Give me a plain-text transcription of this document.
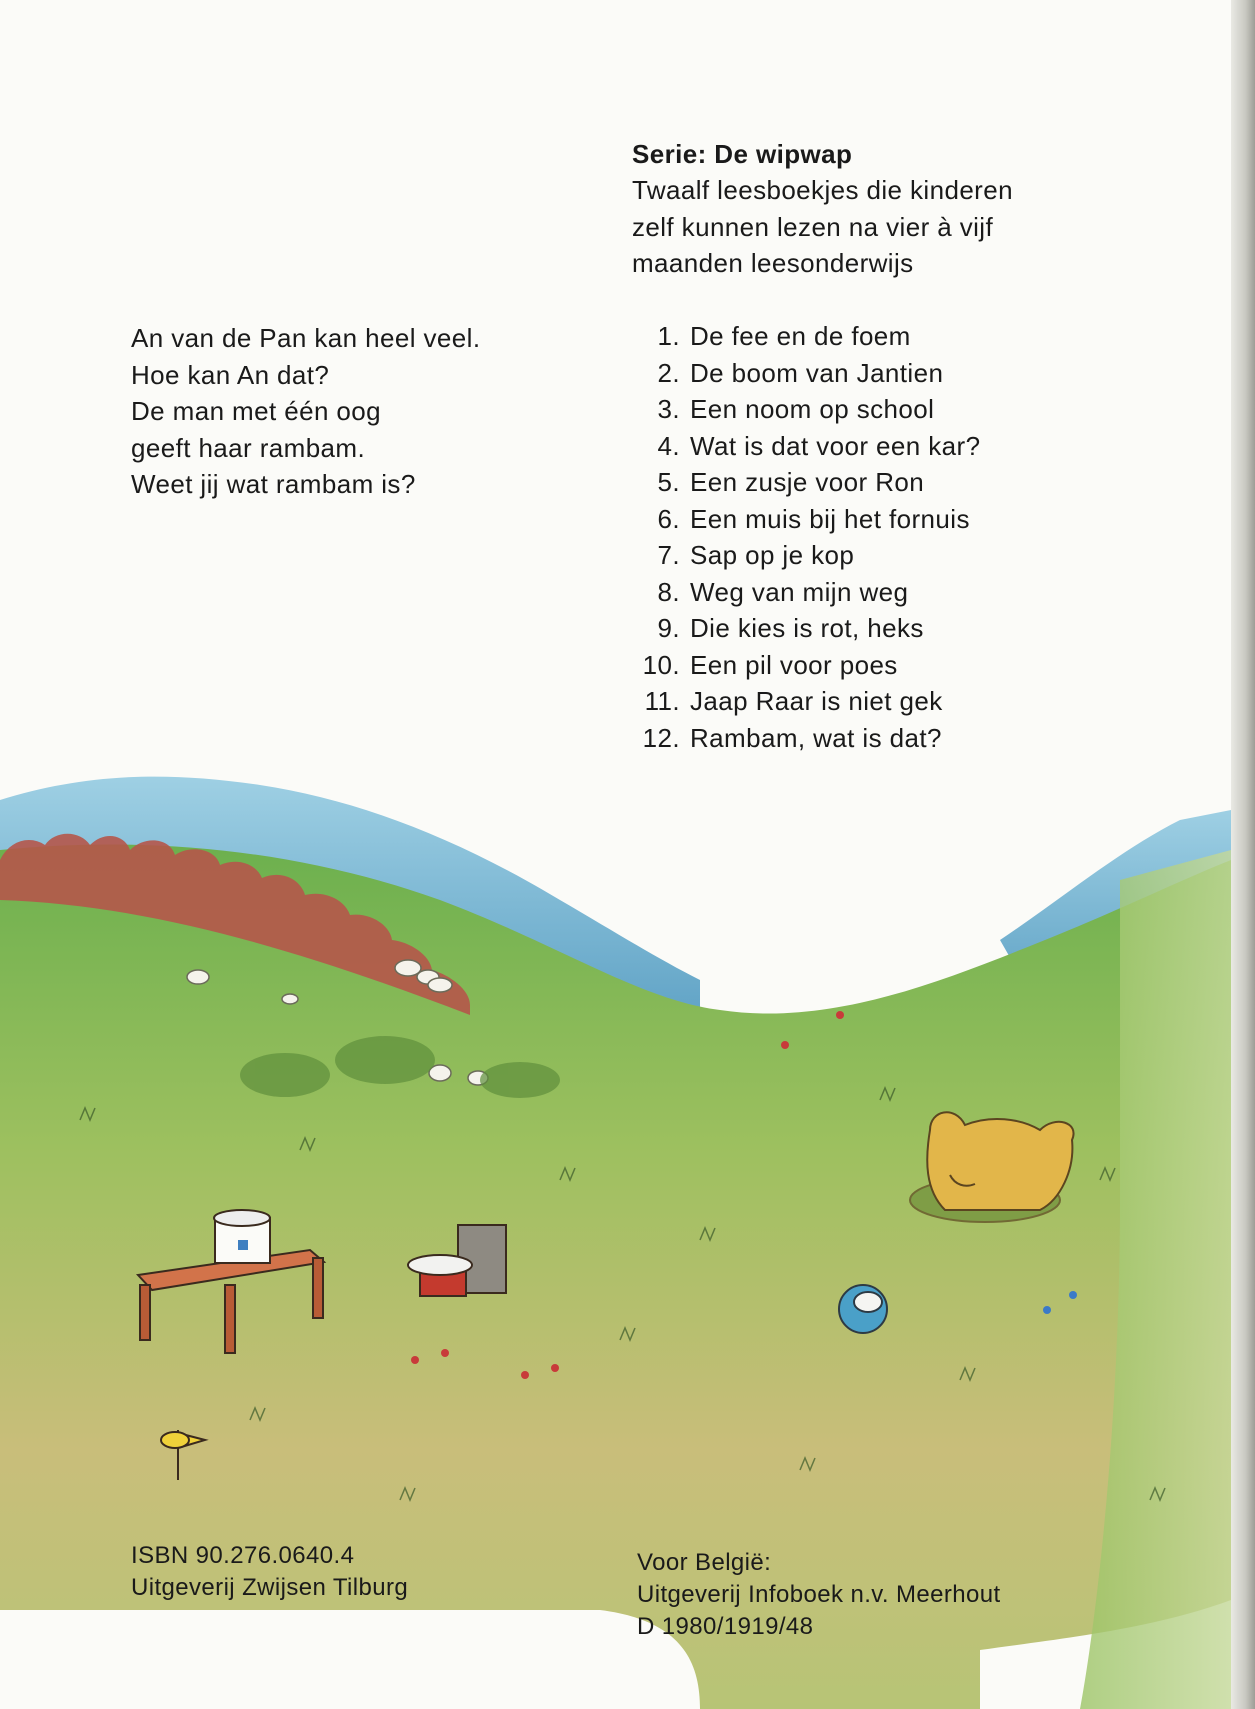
Serie: De wipwap
Twaalf leesboekjes die kinderen
zelf kunnen lezen na vier à vijf
maanden leesonderwijs
An van de Pan kan heel veel.
Hoe kan An dat?
De man met één oog
geeft haar rambam.
Weet jij wat rambam is?
1. De fee en de foem
2. De boom van Jantien
3. Een noom op school
4. Wat is dat voor een kar?
5. Een zusje voor Ron
6. Een muis bij het fornuis
7. Sap op je kop
8. Weg van mijn weg
9. Die kies is rot, heks
10. Een pil voor poes
11. Jaap Raar is niet gek
12. Rambam, wat is dat?
ISBN 90.276.0640.4
Uitgeverij Zwijsen Tilburg
Voor België:
Uitgeverij Infoboek n.v. Meerhout
D 1980/1919/48
